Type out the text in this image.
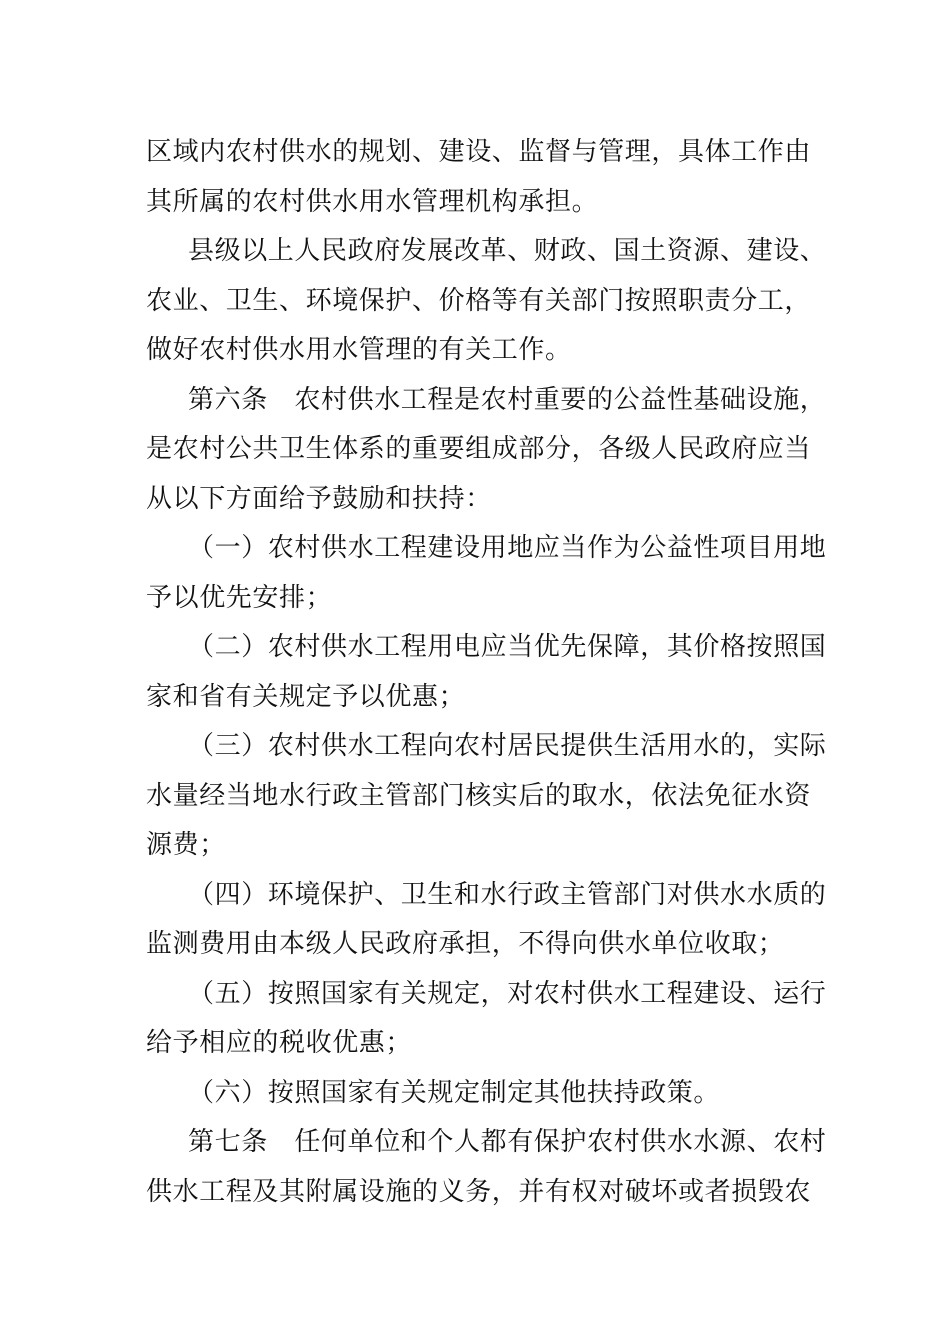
区域内农村供水的规划、建设、监督与管理，具体工作由
其所属的农村供水用水管理机构承担。
县级以上人民政府发展改革、财政、国土资源、建设、
农业、卫生、环境保护、价格等有关部门按照职责分工，
做好农村供水用水管理的有关工作。
第六条　农村供水工程是农村重要的公益性基础设施，
是农村公共卫生体系的重要组成部分，各级人民政府应当
从以下方面给予鼓励和扶持：
（一）农村供水工程建设用地应当作为公益性项目用地
予以优先安排；
（二）农村供水工程用电应当优先保障，其价格按照国
家和省有关规定予以优惠；
（三）农村供水工程向农村居民提供生活用水的，实际
水量经当地水行政主管部门核实后的取水，依法免征水资
源费；
（四）环境保护、卫生和水行政主管部门对供水水质的
监测费用由本级人民政府承担，不得向供水单位收取；
（五）按照国家有关规定，对农村供水工程建设、运行
给予相应的税收优惠；
（六）按照国家有关规定制定其他扶持政策。
第七条　任何单位和个人都有保护农村供水水源、农村
供水工程及其附属设施的义务，并有权对破坏或者损毁农
